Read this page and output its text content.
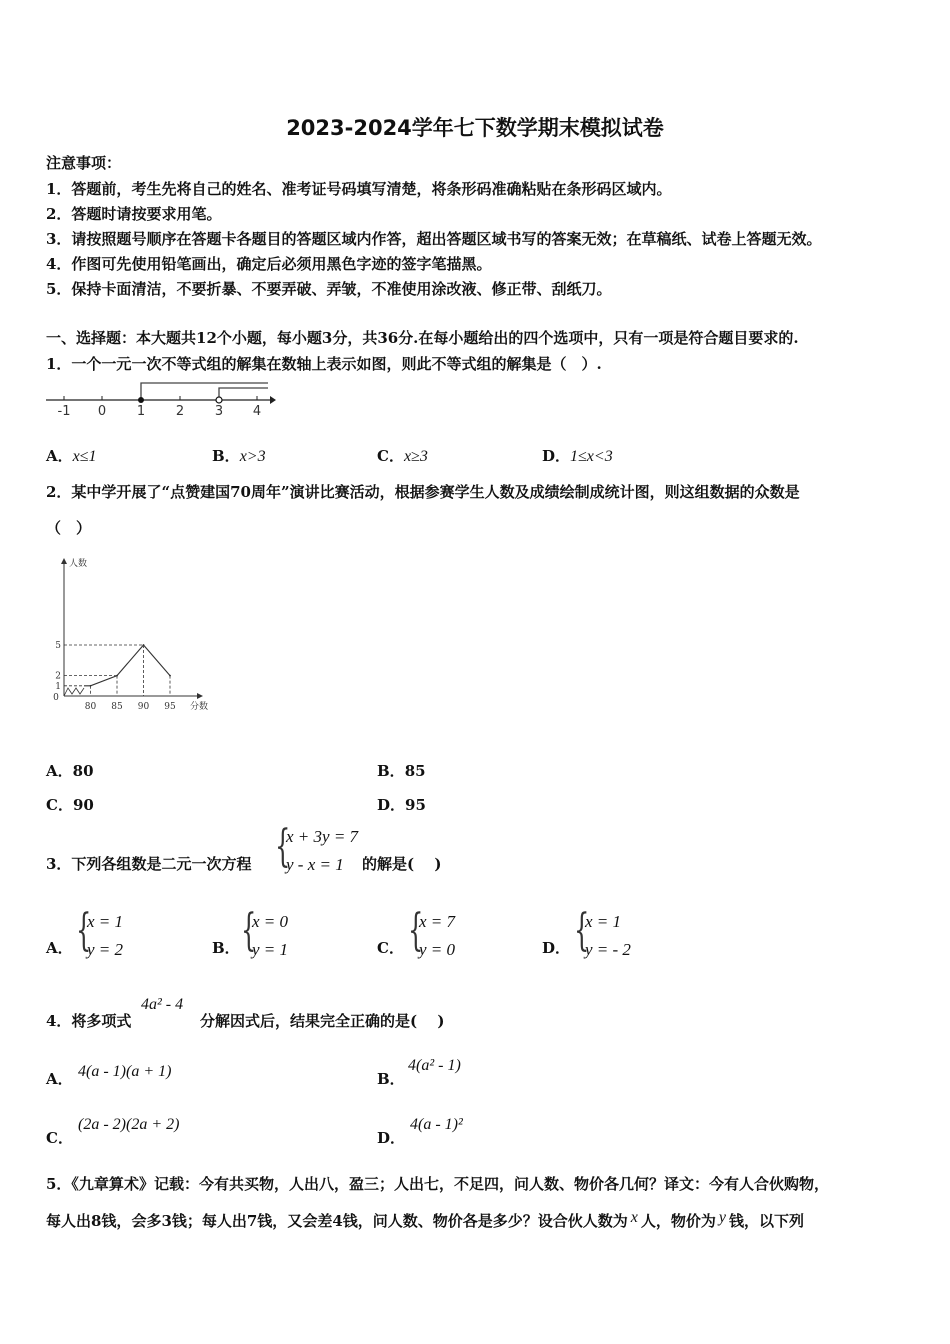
2023-2024学年七下数学期末模拟试卷
注意事项：
1．答题前，考生先将自己的姓名、准考证号码填写清楚，将条形码准确粘贴在条形码区域内。
2．答题时请按要求用笔。
3．请按照题号顺序在答题卡各题目的答题区域内作答，超出答题区域书写的答案无效；在草稿纸、试卷上答题无效。
4．作图可先使用铅笔画出，确定后必须用黑色字迹的签字笔描黑。
5．保持卡面清洁，不要折暴、不要弄破、弄皱，不准使用涂改液、修正带、刮纸刀。
一、选择题：本大题共12个小题，每小题3分，共36分.在每小题给出的四个选项中，只有一项是符合题目要求的.
1．一个一元一次不等式组的解集在数轴上表示如图，则此不等式组的解集是（　）.
-1 0 1 2 3 4
A．x≤1	B．x>3	C．x≥3	D．1≤x<3
2．某中学开展了“点赞建国70周年”演讲比赛活动，根据参赛学生人数及成绩绘制成统计图，则这组数据的众数是
（　）
人数
分数
0
80 85 90 95
1
2
5
A．80	B．85
C．90	D．95
3．下列各组数是二元一次方程 {
x + 3y = 7
y - x = 1 的解是(　 )
A． {
x = 1
y = 2	B． {
x = 0
y = 1	C． {
x = 7
y = 0	D． {
x = 1
y = - 2
4．将多项式
4a² - 4
分解因式后，结果完全正确的是(　 )
A． 4(a - 1)(a + 1)	B．
4(a² - 1)
C．
(2a - 2)(2a + 2)
D．
4(a - 1)²
5．《九章算术》记载：今有共买物，人出八，盈三；人出七，不足四，问人数、物价各几何？译文：今有人合伙购物，
每人出8钱，会多3钱；每人出7钱，又会差4钱，问人数、物价各是多少？设合伙人数为 x 人，物价为 y 钱，以下列
